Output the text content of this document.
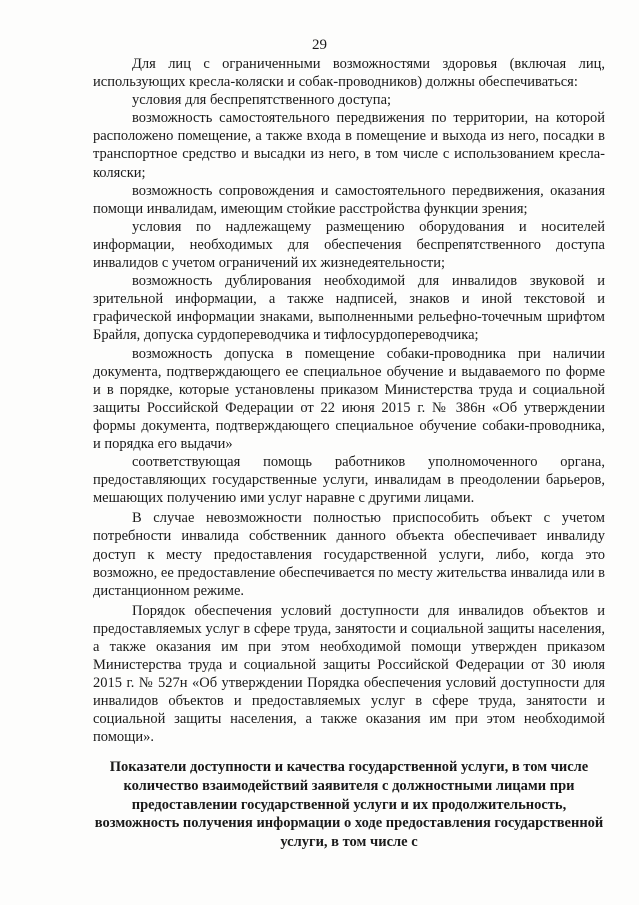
29

Для лиц с ограниченными возможностями здоровья (включая лиц, использующих кресла-коляски и собак-проводников) должны обеспечиваться:

условия для беспрепятственного доступа;

возможность самостоятельного передвижения по территории, на которой расположено помещение, а также входа в помещение и выхода из него, посадки в транспортное средство и высадки из него, в том числе с использованием кресла- коляски;

возможность сопровождения и самостоятельного передвижения, оказания помощи инвалидам, имеющим стойкие расстройства функции зрения;

условия по надлежащему размещению оборудования и носителей информации, необходимых для обеспечения беспрепятственного доступа инвалидов с учетом ограничений их жизнедеятельности;

возможность дублирования необходимой для инвалидов звуковой и зрительной информации, а также надписей, знаков и иной текстовой и графической информации знаками, выполненными рельефно-точечным шрифтом Брайля, допуска сурдопереводчика и тифлосурдопереводчика;

возможность допуска в помещение собаки-проводника при наличии документа, подтверждающего ее специальное обучение и выдаваемого по форме и в порядке, которые установлены приказом Министерства труда и социальной защиты Российской Федерации от 22 июня 2015 г. № 386н «Об утверждении формы документа, подтверждающего специальное обучение собаки-проводника, и порядка его выдачи»

соответствующая помощь работников уполномоченного органа, предоставляющих государственные услуги, инвалидам в преодолении барьеров, мешающих получению ими услуг наравне с другими лицами.

В случае невозможности полностью приспособить объект с учетом потребности инвалида собственник данного объекта обеспечивает инвалиду доступ к месту предоставления государственной услуги, либо, когда это возможно, ее предоставление обеспечивается по месту жительства инвалида или в дистанционном режиме.

Порядок обеспечения условий доступности для инвалидов объектов и предоставляемых услуг в сфере труда, занятости и социальной защиты населения, а также оказания им при этом необходимой помощи утвержден приказом Министерства труда и социальной защиты Российской Федерации от 30 июля 2015 г. № 527н «Об утверждении Порядка обеспечения условий доступности для инвалидов объектов и предоставляемых услуг в сфере труда, занятости и социальной защиты населения, а также оказания им при этом необходимой помощи».

Показатели доступности и качества государственной услуги, в том числе количество взаимодействий заявителя с должностными лицами при предоставлении государственной услуги и их продолжительность, возможность получения информации о ходе предоставления государственной услуги, в том числе с
